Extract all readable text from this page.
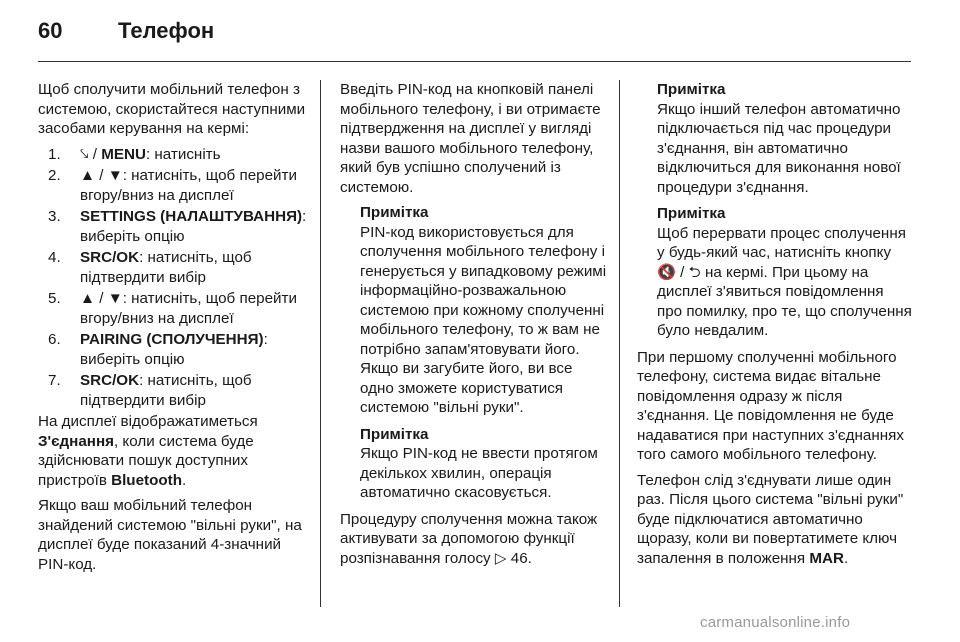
60	Телефон

Щоб сполучити мобільний телефон з системою, скористайтеся наступними засобами керування на кермі:

1. ⤥ / MENU: натисніть
2. ▲ / ▼: натисніть, щоб перейти вгору/вниз на дисплеї
3. SETTINGS (НАЛАШТУВАННЯ): виберіть опцію
4. SRC/OK: натисніть, щоб підтвердити вибір
5. ▲ / ▼: натисніть, щоб перейти вгору/вниз на дисплеї
6. PAIRING (СПОЛУЧЕННЯ): виберіть опцію
7. SRC/OK: натисніть, щоб підтвердити вибір

На дисплеї відображатиметься З'єднання, коли система буде здійснювати пошук доступних пристроїв Bluetooth.

Якщо ваш мобільний телефон знайдений системою "вільні руки", на дисплеї буде показаний 4-значний PIN-код.

Введіть PIN-код на кнопковій панелі мобільного телефону, і ви отримаєте підтвердження на дисплеї у вигляді назви вашого мобільного телефону, який був успішно сполучений із системою.

Примітка
PIN-код використовується для сполучення мобільного телефону і генерується у випадковому режимі інформаційно-розважальною системою при кожному сполученні мобільного телефону, то ж вам не потрібно запам'ятовувати його. Якщо ви загубите його, ви все одно зможете користуватися системою "вільні руки".
Примітка
Якщо PIN-код не ввести протягом декількох хвилин, операція автоматично скасовується.

Процедуру сполучення можна також активувати за допомогою функції розпізнавання голосу ▷ 46.

Примітка
Якщо інший телефон автоматично підключається під час процедури з'єднання, він автоматично відключиться для виконання нової процедури з'єднання.
Примітка
Щоб перервати процес сполучення у будь-який час, натисніть кнопку 🔇 / ⮌ на кермі. При цьому на дисплеї з'явиться повідомлення про помилку, про те, що сполучення було невдалим.

При першому сполученні мобільного телефону, система видає вітальне повідомлення одразу ж після з'єднання. Це повідомлення не буде надаватися при наступних з'єднаннях того самого мобільного телефону.

Телефон слід з'єднувати лише один раз. Після цього система "вільні руки" буде підключатися автоматично щоразу, коли ви повертатимете ключ запалення в положення MAR.

carmanualsonline.info
